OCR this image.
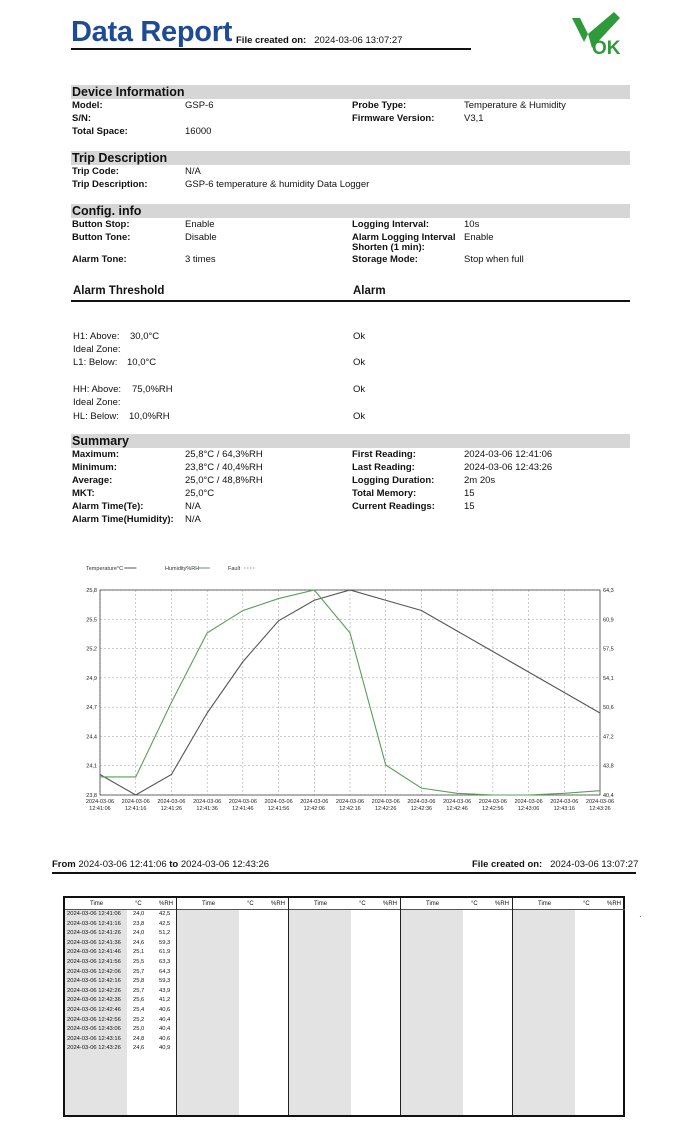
Data Report File created on: 2024-03-06 13:07:27	OK
Device Information
Model:	GSP-6
S/N:
Total Space:	16000
Probe Type:	Temperature & Humidity
Firmware Version:	V3,1
Trip Description
Trip Code:	N/A
Trip Description:	GSP-6 temperature & humidity Data Logger
Config. info
Button Stop:	Enable
Button Tone:	Disable
Alarm Tone:	3 times
Logging Interval:	10s
Alarm Logging Interval
Shorten (1 min):
Enable
Storage Mode:	Stop when full
Alarm Threshold	Alarm
H1: Above: 30,0°C	Ok
Ideal Zone:
L1: Below: 10,0°C	Ok
HH: Above: 75,0%RH	Ok
Ideal Zone:
HL: Below: 10,0%RH	Ok
Summary
Maximum:	25,8°C / 64,3%RH
Minimum:	23,8°C / 40,4%RH
Average:	25,0°C / 48,8%RH
MKT:	25,0°C
Alarm Time(Te):	N/A
Alarm Time(Humidity): N/A
First Reading:	2024-03-06 12:41:06
Last Reading:	2024-03-06 12:43:26
Logging Duration:	2m 20s
Total Memory:	15
Current Readings:	15
Temperature°C	Humidity%RH	Fault
25,8	64,3
25,5	60,9
25,2	57,5
24,9	54,1
24,7	50,6
24,4	47,2
24,1	43,8
23,8	40,4
2024-03-06
12:41:06
2024-03-06
12:41:16
2024-03-06
12:41:26
2024-03-06
12:41:36
2024-03-06
12:41:46
2024-03-06
12:41:56
2024-03-06
12:42:06
2024-03-06
12:42:16
2024-03-06
12:42:26
2024-03-06
12:42:36
2024-03-06
12:42:46
2024-03-06
12:42:56
2024-03-06
12:43:06
2024-03-06
12:43:16
2024-03-06
12:43:26
From 2024-03-06 12:41:06 to 2024-03-06 12:43:26	File created on: 2024-03-06 13:07:27
Time	°C	%RH
2024-03-06 12:41:06 24,0	42,5
2024-03-06 12:41:16 23,8	42,5
2024-03-06 12:41:26 24,0	51,2
2024-03-06 12:41:36 24,6	59,3
2024-03-06 12:41:46 25,1	61,9
2024-03-06 12:41:56 25,5	63,3
2024-03-06 12:42:06 25,7	64,3
2024-03-06 12:42:16 25,8	59,3
2024-03-06 12:42:26 25,7	43,9
2024-03-06 12:42:36 25,6	41,2
2024-03-06 12:42:46 25,4	40,6
2024-03-06 12:42:56 25,2	40,4
2024-03-06 12:43:06 25,0	40,4
2024-03-06 12:43:16 24,8	40,6
2024-03-06 12:43:26 24,6	40,9
Time	°C	%RH	Time	°C	%RH	Time	°C	%RH	Time	°C	%RH
·
